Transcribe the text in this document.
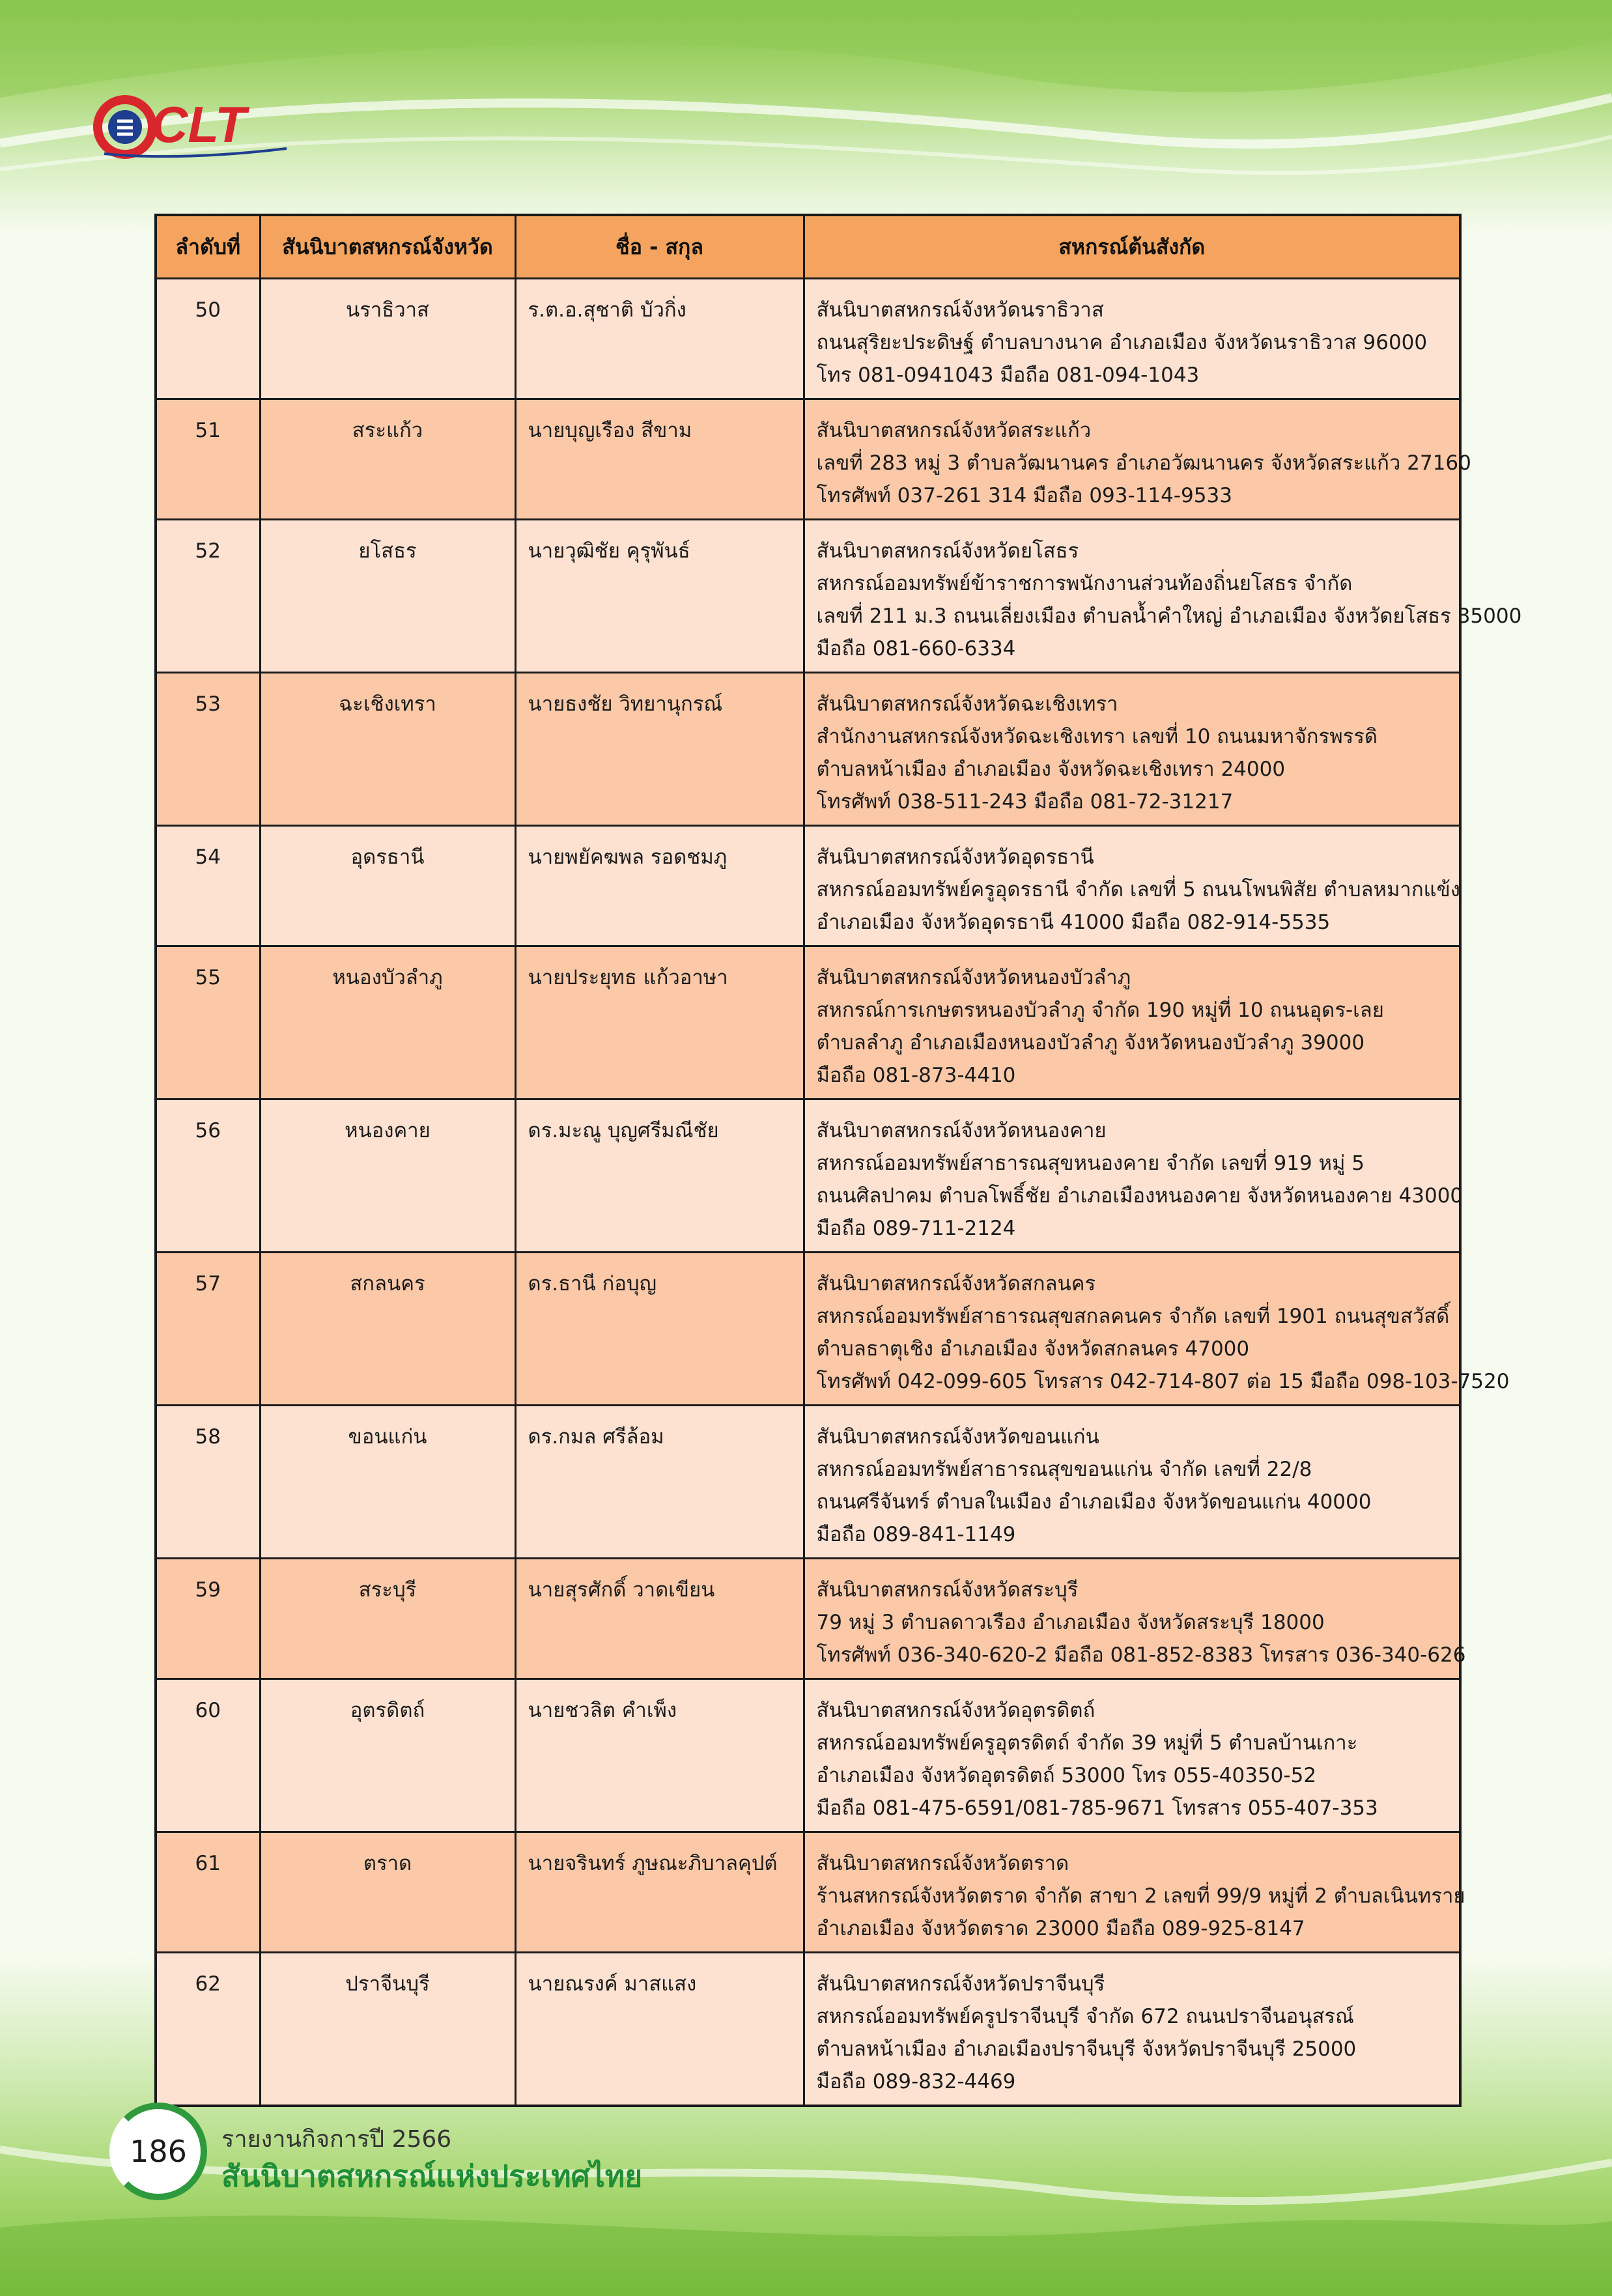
CLT
ลำดับที่	สันนิบาตสหกรณ์จังหวัด	ชื่อ - สกุล	สหกรณ์ต้นสังกัด
50	นราธิวาส	ร.ต.อ.สุชาติ บัวกิ่ง	สันนิบาตสหกรณ์จังหวัดนราธิวาส
ถนนสุริยะประดิษฐ์ ตำบลบางนาค อำเภอเมือง จังหวัดนราธิวาส 96000
โทร 081-0941043 มือถือ 081-094-1043

51	สระแก้ว	นายบุญเรือง สีขาม	สันนิบาตสหกรณ์จังหวัดสระแก้ว
เลขที่ 283 หมู่ 3 ตำบลวัฒนานคร อำเภอวัฒนานคร จังหวัดสระแก้ว 27160
โทรศัพท์ 037-261 314 มือถือ 093-114-9533

52	ยโสธร	นายวุฒิชัย คุรุพันธ์	สันนิบาตสหกรณ์จังหวัดยโสธร
สหกรณ์ออมทรัพย์ข้าราชการพนักงานส่วนท้องถิ่นยโสธร จำกัด
เลขที่ 211 ม.3 ถนนเลี่ยงเมือง ตำบลน้ำคำใหญ่ อำเภอเมือง จังหวัดยโสธร 35000
มือถือ 081-660-6334

53	ฉะเชิงเทรา	นายธงชัย วิทยานุกรณ์	สันนิบาตสหกรณ์จังหวัดฉะเชิงเทรา
สำนักงานสหกรณ์จังหวัดฉะเชิงเทรา เลขที่ 10 ถนนมหาจักรพรรดิ
ตำบลหน้าเมือง อำเภอเมือง จังหวัดฉะเชิงเทรา 24000
โทรศัพท์ 038-511-243 มือถือ 081-72-31217

54	อุดรธานี	นายพยัคฆพล รอดชมภู	สันนิบาตสหกรณ์จังหวัดอุดรธานี
สหกรณ์ออมทรัพย์ครูอุดรธานี จำกัด เลขที่ 5 ถนนโพนพิสัย ตำบลหมากแข้ง
อำเภอเมือง จังหวัดอุดรธานี 41000 มือถือ 082-914-5535

55	หนองบัวลำภู	นายประยุทธ แก้วอาษา	สันนิบาตสหกรณ์จังหวัดหนองบัวลำภู
สหกรณ์การเกษตรหนองบัวลำภู จำกัด 190 หมู่ที่ 10 ถนนอุดร-เลย
ตำบลลำภู อำเภอเมืองหนองบัวลำภู จังหวัดหนองบัวลำภู 39000
มือถือ 081-873-4410

56	หนองคาย	ดร.มะณู บุญศรีมณีชัย	สันนิบาตสหกรณ์จังหวัดหนองคาย
สหกรณ์ออมทรัพย์สาธารณสุขหนองคาย จำกัด เลขที่ 919 หมู่ 5
ถนนศิลปาคม ตำบลโพธิ์ชัย อำเภอเมืองหนองคาย จังหวัดหนองคาย 43000
มือถือ 089-711-2124

57	สกลนคร	ดร.ธานี ก่อบุญ	สันนิบาตสหกรณ์จังหวัดสกลนคร
สหกรณ์ออมทรัพย์สาธารณสุขสกลคนคร จำกัด เลขที่ 1901 ถนนสุขสวัสดิ์
ตำบลธาตุเชิง อำเภอเมือง จังหวัดสกลนคร 47000
โทรศัพท์ 042-099-605 โทรสาร 042-714-807 ต่อ 15 มือถือ 098-103-7520

58	ขอนแก่น	ดร.กมล ศรีล้อม	สันนิบาตสหกรณ์จังหวัดขอนแก่น
สหกรณ์ออมทรัพย์สาธารณสุขขอนแก่น จำกัด เลขที่ 22/8
ถนนศรีจันทร์ ตำบลในเมือง อำเภอเมือง จังหวัดขอนแก่น 40000
มือถือ 089-841-1149

59	สระบุรี	นายสุรศักดิ์ วาดเขียน	สันนิบาตสหกรณ์จังหวัดสระบุรี
79 หมู่ 3 ตำบลดาวเรือง อำเภอเมือง จังหวัดสระบุรี 18000
โทรศัพท์ 036-340-620-2 มือถือ 081-852-8383 โทรสาร 036-340-626

60	อุตรดิตถ์	นายชวลิต คำเพ็ง	สันนิบาตสหกรณ์จังหวัดอุตรดิตถ์
สหกรณ์ออมทรัพย์ครูอุตรดิตถ์ จำกัด 39 หมู่ที่ 5 ตำบลบ้านเกาะ
อำเภอเมือง จังหวัดอุตรดิตถ์ 53000 โทร 055-40350-52
มือถือ 081-475-6591/081-785-9671 โทรสาร 055-407-353

61	ตราด	นายจรินทร์ ภูษณะภิบาลคุปต์	สันนิบาตสหกรณ์จังหวัดตราด
ร้านสหกรณ์จังหวัดตราด จำกัด สาขา 2 เลขที่ 99/9 หมู่ที่ 2 ตำบลเนินทราย
อำเภอเมือง จังหวัดตราด 23000 มือถือ 089-925-8147

62	ปราจีนบุรี	นายณรงค์ มาสแสง	สันนิบาตสหกรณ์จังหวัดปราจีนบุรี
สหกรณ์ออมทรัพย์ครูปราจีนบุรี จำกัด 672 ถนนปราจีนอนุสรณ์
ตำบลหน้าเมือง อำเภอเมืองปราจีนบุรี จังหวัดปราจีนบุรี 25000
มือถือ 089-832-4469
186	รายงานกิจการปี 2566
สันนิบาตสหกรณ์แห่งประเทศไทย
